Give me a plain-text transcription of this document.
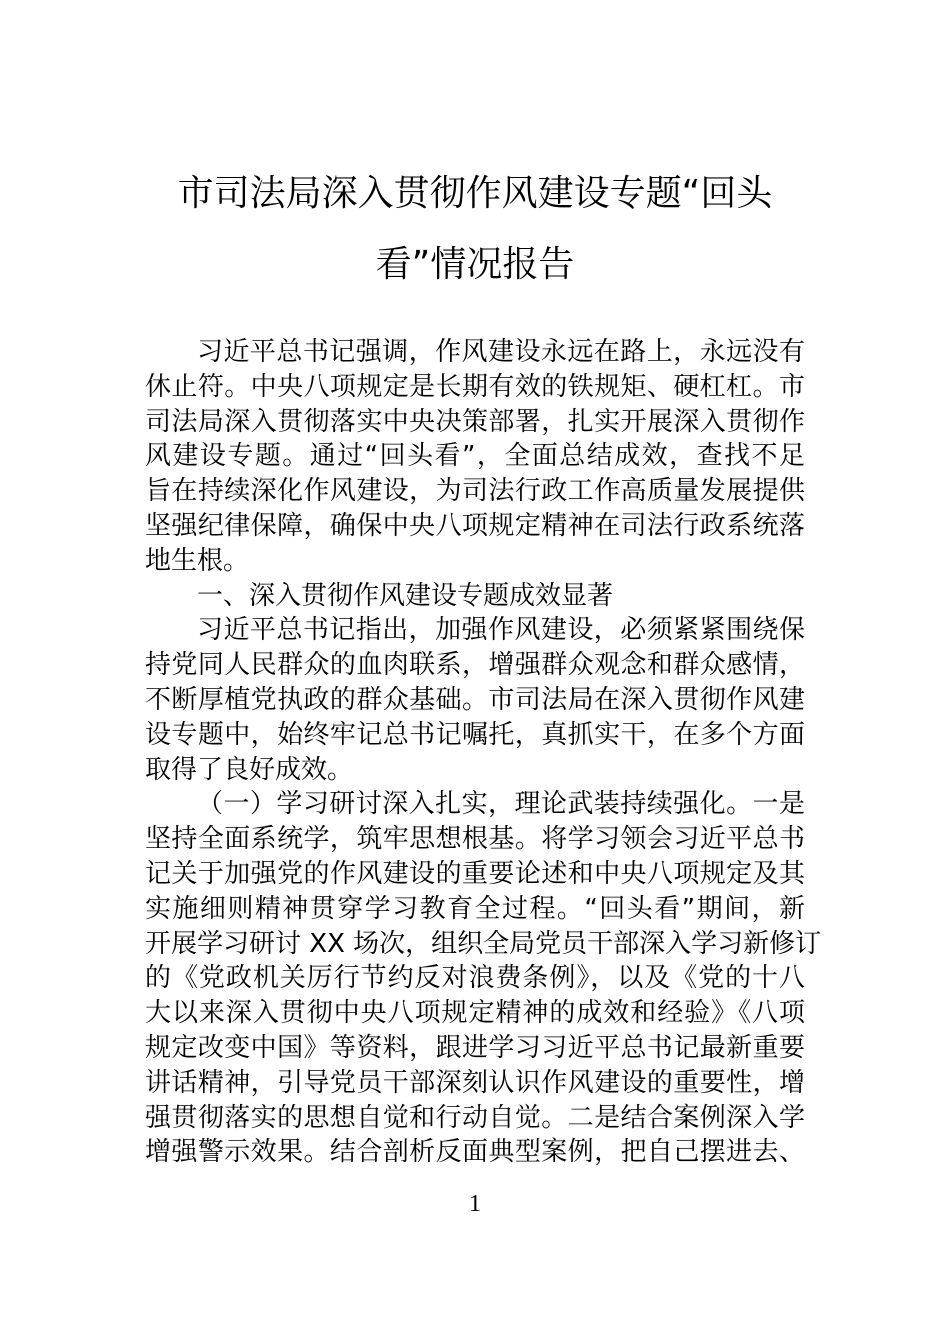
市司法局深入贯彻作风建设专题“回头
看”情况报告
习近平总书记强调，作风建设永远在路上，永远没有
休止符。中央八项规定是长期有效的铁规矩、硬杠杠。市
司法局深入贯彻落实中央决策部署，扎实开展深入贯彻作
风建设专题。通过“回头看”，全面总结成效，查找不足
旨在持续深化作风建设，为司法行政工作高质量发展提供
坚强纪律保障，确保中央八项规定精神在司法行政系统落
地生根。
一、深入贯彻作风建设专题成效显著
习近平总书记指出，加强作风建设，必须紧紧围绕保
持党同人民群众的血肉联系，增强群众观念和群众感情，
不断厚植党执政的群众基础。市司法局在深入贯彻作风建
设专题中，始终牢记总书记嘱托，真抓实干，在多个方面
取得了良好成效。
（一）学习研讨深入扎实，理论武装持续强化。一是
坚持全面系统学，筑牢思想根基。将学习领会习近平总书
记关于加强党的作风建设的重要论述和中央八项规定及其
实施细则精神贯穿学习教育全过程。“回头看”期间，新
开展学习研讨 XX 场次，组织全局党员干部深入学习新修订
的《党政机关厉行节约反对浪费条例》，以及《党的十八
大以来深入贯彻中央八项规定精神的成效和经验》《八项
规定改变中国》等资料，跟进学习习近平总书记最新重要
讲话精神，引导党员干部深刻认识作风建设的重要性，增
强贯彻落实的思想自觉和行动自觉。二是结合案例深入学
增强警示效果。结合剖析反面典型案例，把自己摆进去、
1
